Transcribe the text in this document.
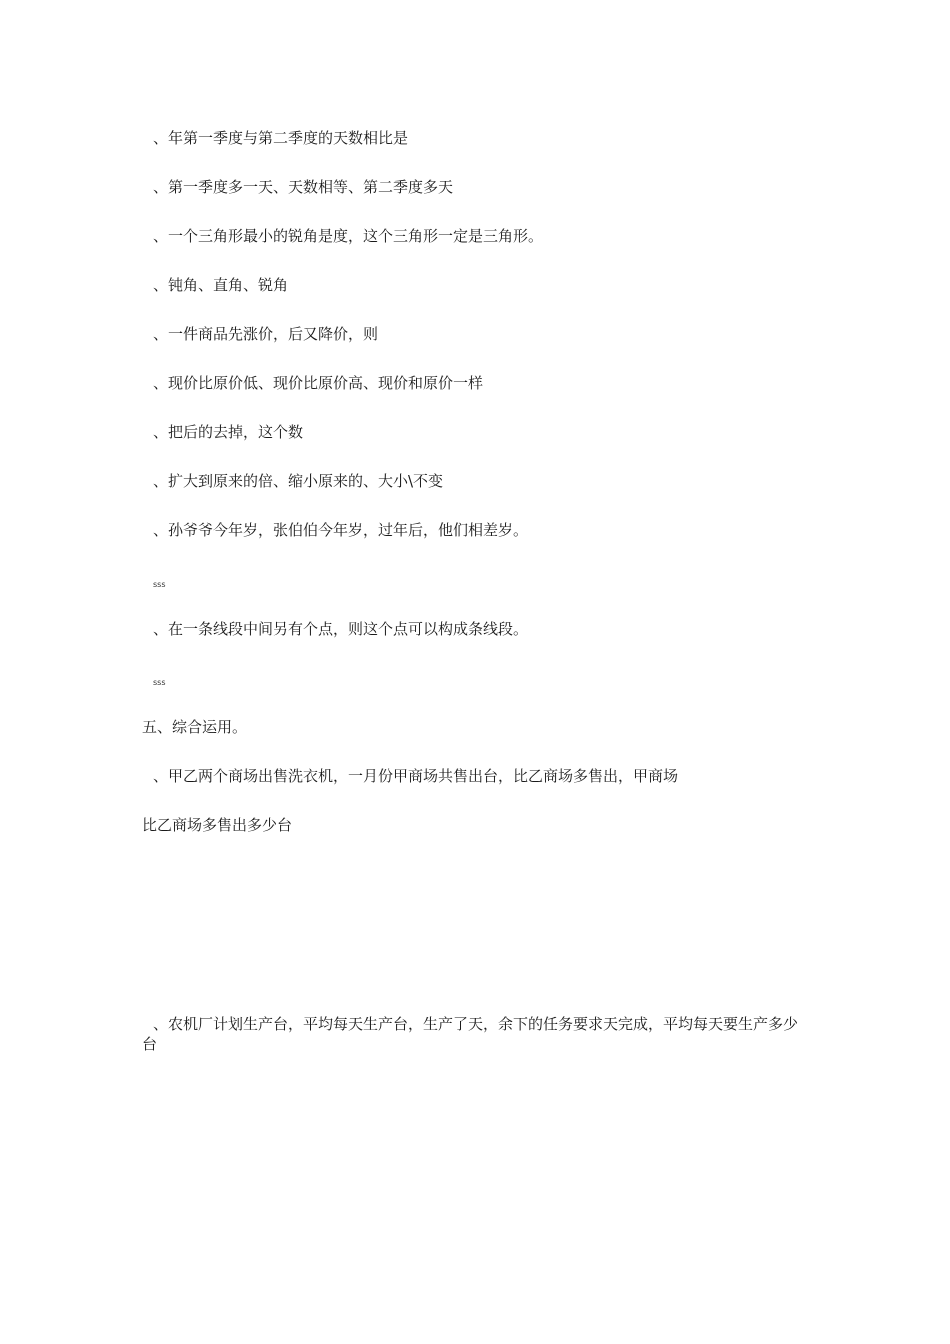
、年第一季度与第二季度的天数相比是
、第一季度多一天、天数相等、第二季度多天
、一个三角形最小的锐角是度，这个三角形一定是三角形。
、钝角、直角、锐角
、一件商品先涨价，后又降价，则
、现价比原价低、现价比原价高、现价和原价一样
、把后的去掉，这个数
、扩大到原来的倍、缩小原来的、大小\不变
、孙爷爷今年岁，张伯伯今年岁，过年后，他们相差岁。
sss
、在一条线段中间另有个点，则这个点可以构成条线段。
sss
五、综合运用。
、甲乙两个商场出售洗衣机，一月份甲商场共售出台，比乙商场多售出，甲商场
比乙商场多售出多少台
、农机厂计划生产台，平均每天生产台，生产了天，余下的任务要求天完成，平均每天要生产多少台
